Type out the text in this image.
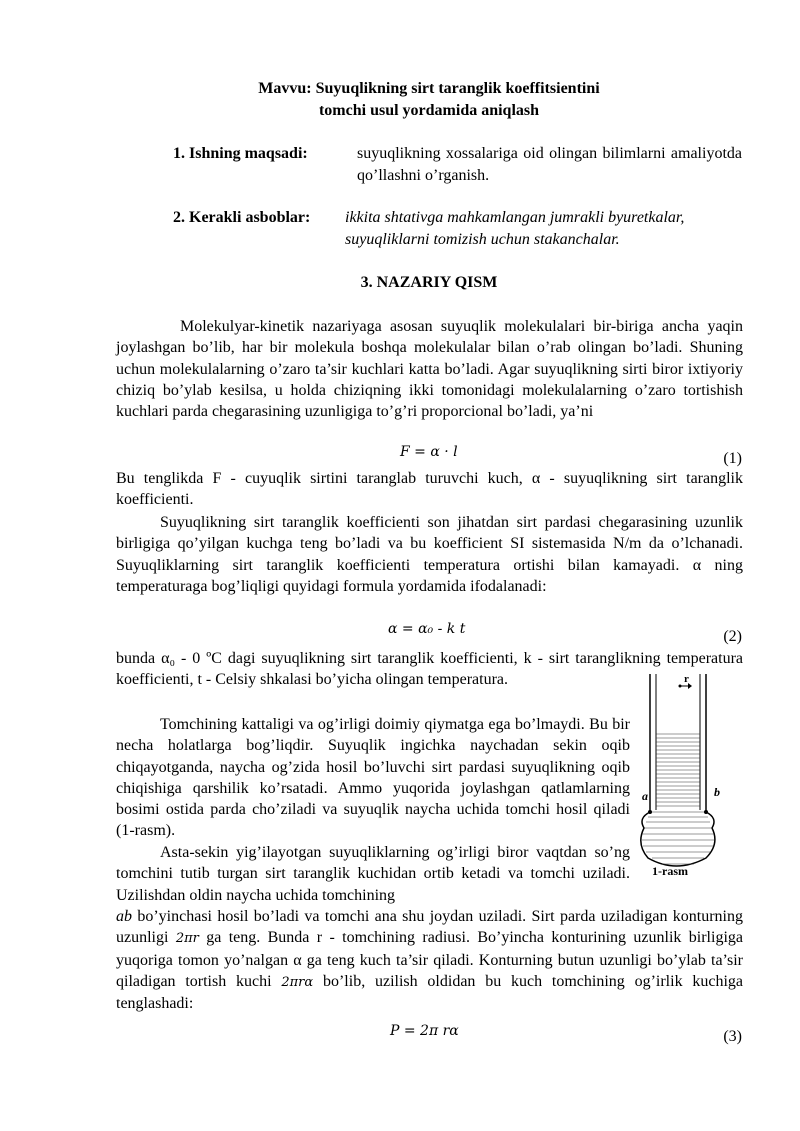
Mavvu: Suyuqlikning sirt taranglik koeffitsientini
tomchi usul yordamida aniqlash
1. Ishning maqsadi:	suyuqlikning xossalariga oid olingan bilimlarni amaliyotda qo’llashni o’rganish.
2. Kerakli asboblar: ikkita shtativga mahkamlangan jumrakli byuretkalar, suyuqliklarni tomizish uchun stakanchalar.
3. NAZARIY QISM
Molekulyar-kinetik nazariyaga asosan suyuqlik molekulalari bir-biriga ancha yaqin joylashgan bo’lib, har bir molekula boshqa molekulalar bilan o’rab olingan bo’ladi. Shuning uchun molekulalarning o’zaro ta’sir kuchlari katta bo’ladi. Agar suyuqlikning sirti biror ixtiyoriy chiziq bo’ylab kesilsa, u holda chiziqning ikki tomonidagi molekulalarning o’zaro tortishish kuchlari parda chegarasining uzunligiga to’g’ri proporcional bo’ladi, ya’ni
F = α · l	(1)
Bu tenglikda F - cuyuqlik sirtini taranglab turuvchi kuch, α - suyuqlikning sirt taranglik koefficienti.
Suyuqlikning sirt taranglik koefficienti son jihatdan sirt pardasi chegarasining uzunlik birligiga qo’yilgan kuchga teng bo’ladi va bu koefficient SI sistemasida N/m da o’lchanadi. Suyuqliklarning sirt taranglik koefficienti temperatura ortishi bilan kamayadi. α ning temperaturaga bog’liqligi quyidagi formula yordamida ifodalanadi:
α = α₀ - k t	(2)
bunda α₀ - 0 ºC dagi suyuqlikning sirt taranglik koefficienti, k - sirt taranglikning temperatura koefficienti, t - Celsiy shkalasi bo’yicha olingan temperatura.
Tomchining kattaligi va og’irligi doimiy qiymatga ega bo’lmaydi. Bu bir necha holatlarga bog’liqdir. Suyuqlik ingichka naychadan sekin oqib chiqayotganda, naycha og’zida hosil bo’luvchi sirt pardasi suyuqlikning oqib chiqishiga qarshilik ko’rsatadi. Ammo yuqorida joylashgan qatlamlarning bosimi ostida parda cho’ziladi va suyuqlik naycha uchida tomchi hosil qiladi (1-rasm).
Asta-sekin yig’ilayotgan suyuqliklarning og’irligi biror vaqtdan so’ng tomchini tutib turgan sirt taranglik kuchidan ortib ketadi va tomchi uziladi. Uzilishdan oldin naycha uchida tomchining
ab bo’yinchasi hosil bo’ladi va tomchi ana shu joydan uziladi. Sirt parda uziladigan konturning uzunligi 2πr ga teng. Bunda r - tomchining radiusi. Bo’yincha konturining uzunlik birligiga yuqoriga tomon yo’nalgan α ga teng kuch ta’sir qiladi. Konturning butun uzunligi bo’ylab ta’sir qiladigan tortish kuchi 2πrα bo’lib, uzilish oldidan bu kuch tomchining og’irlik kuchiga tenglashadi:
P = 2π rα	(3)
r
a	b
1-rasm
